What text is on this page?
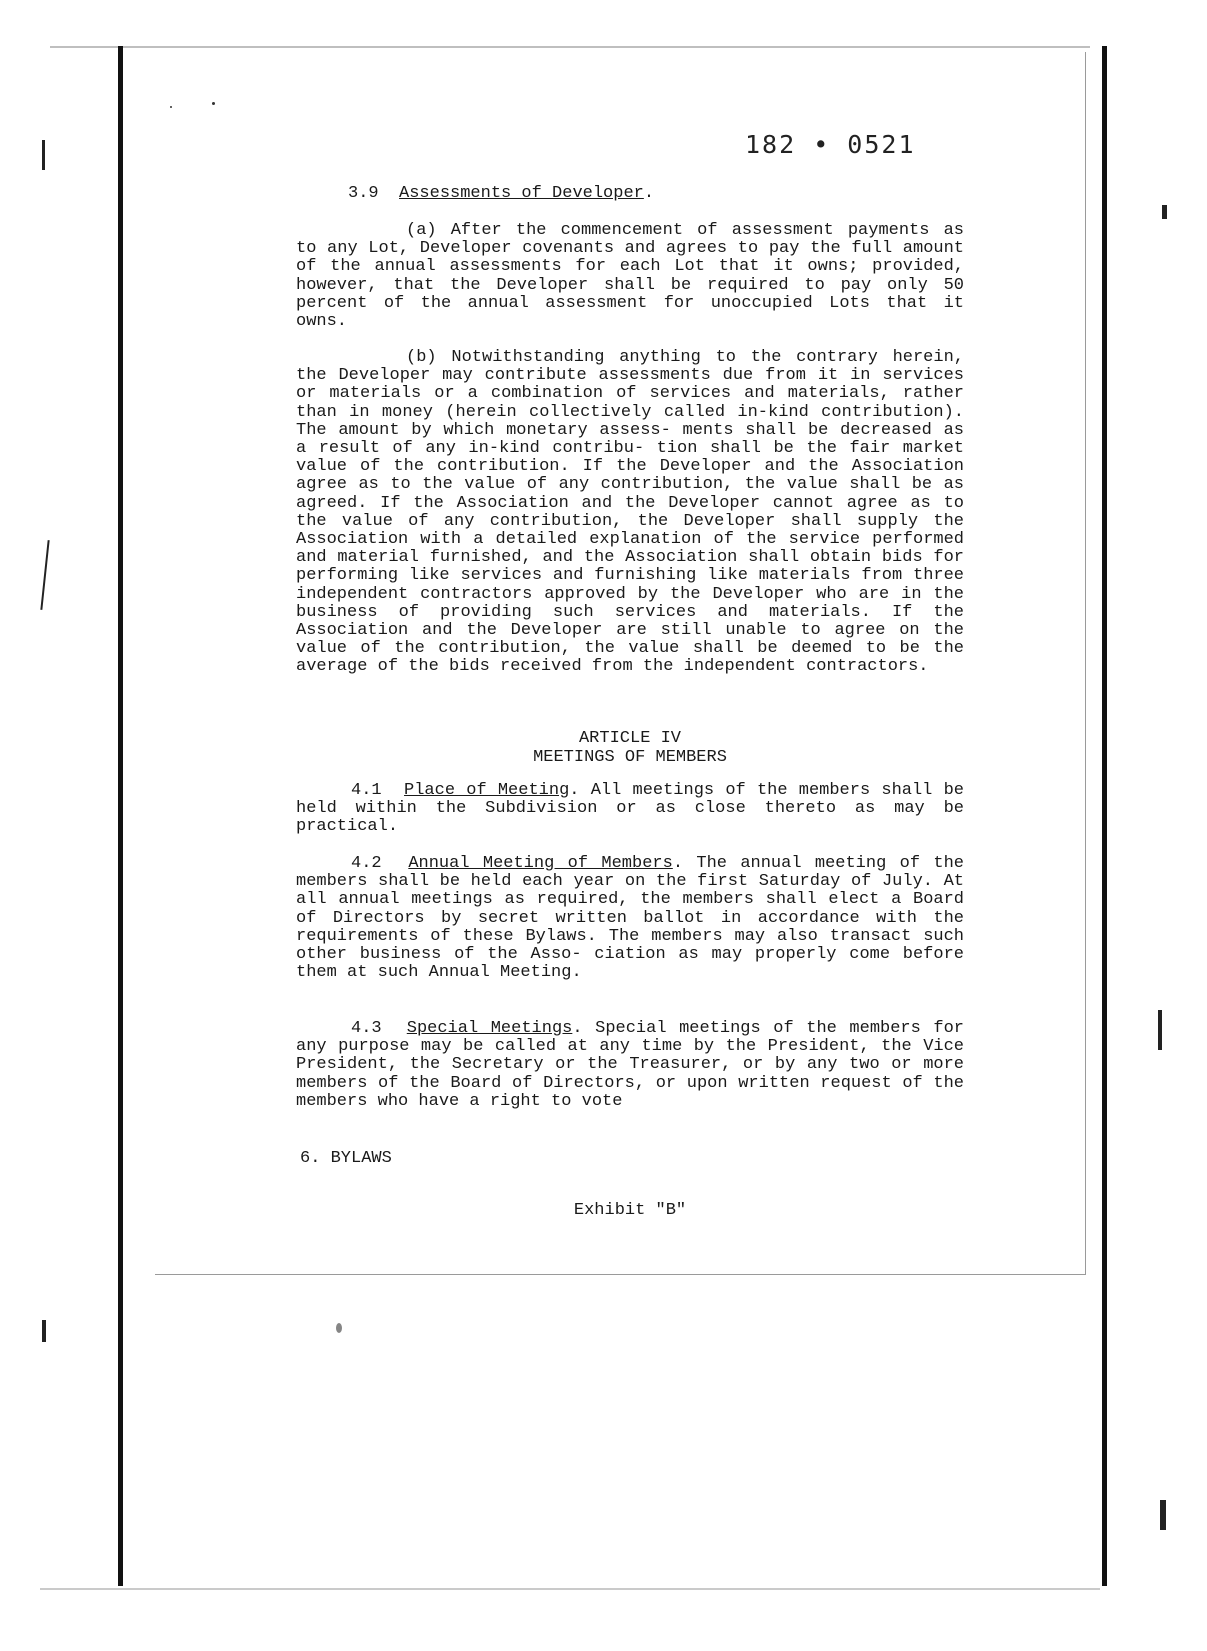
182 • 0521
3.9 Assessments of Developer.

(a) After the commencement of assessment payments as to any Lot, Developer covenants and agrees to pay the full amount of the annual assessments for each Lot that it owns; provided, however, that the Developer shall be required to pay only 50 percent of the annual assessment for unoccupied Lots that it owns.

(b) Notwithstanding anything to the contrary herein, the Developer may contribute assessments due from it in services or materials or a combination of services and materials, rather than in money (herein collectively called in-kind contribution). The amount by which monetary assess- ments shall be decreased as a result of any in-kind contribu- tion shall be the fair market value of the contribution. If the Developer and the Association agree as to the value of any contribution, the value shall be as agreed. If the Association and the Developer cannot agree as to the value of any contribution, the Developer shall supply the Association with a detailed explanation of the service performed and material furnished, and the Association shall obtain bids for performing like services and furnishing like materials from three independent contractors approved by the Developer who are in the business of providing such services and materials. If the Association and the Developer are still unable to agree on the value of the contribution, the value shall be deemed to be the average of the bids received from the independent contractors.

ARTICLE IV
MEETINGS OF MEMBERS

4.1 Place of Meeting. All meetings of the members shall be held within the Subdivision or as close thereto as may be practical.

4.2 Annual Meeting of Members. The annual meeting of the members shall be held each year on the first Saturday of July. At all annual meetings as required, the members shall elect a Board of Directors by secret written ballot in accordance with the requirements of these Bylaws. The members may also transact such other business of the Asso- ciation as may properly come before them at such Annual Meeting.

4.3 Special Meetings. Special meetings of the members for any purpose may be called at any time by the President, the Vice President, the Secretary or the Treasurer, or by any two or more members of the Board of Directors, or upon written request of the members who have a right to vote

6. BYLAWS
Exhibit "B"
